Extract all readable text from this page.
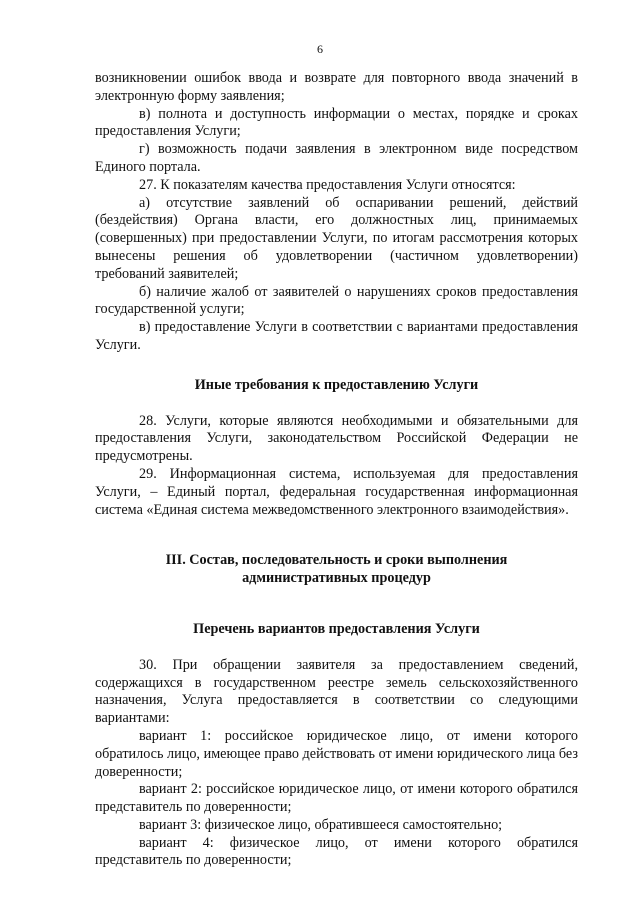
6

возникновении ошибок ввода и возврате для повторного ввода значений в электронную форму заявления;

в) полнота и доступность информации о местах, порядке и сроках предоставления Услуги;

г) возможность подачи заявления в электронном виде посредством Единого портала.

27. К показателям качества предоставления Услуги относятся:

а) отсутствие заявлений об оспаривании решений, действий (бездействия) Органа власти, его должностных лиц, принимаемых (совершенных) при предоставлении Услуги, по итогам рассмотрения которых вынесены решения об удовлетворении (частичном удовлетворении) требований заявителей;

б) наличие жалоб от заявителей о нарушениях сроков предоставления государственной услуги;

в) предоставление Услуги в соответствии с вариантами предоставления Услуги.

Иные требования к предоставлению Услуги

28. Услуги, которые являются необходимыми и обязательными для предоставления Услуги, законодательством Российской Федерации не предусмотрены.

29. Информационная система, используемая для предоставления Услуги, – Единый портал, федеральная государственная информационная система «Единая система межведомственного электронного взаимодействия».

III. Состав, последовательность и сроки выполнения
административных процедур
Перечень вариантов предоставления Услуги

30. При обращении заявителя за предоставлением сведений, содержащихся в государственном реестре земель сельскохозяйственного назначения, Услуга предоставляется в соответствии со следующими вариантами:

вариант 1: российское юридическое лицо, от имени которого обратилось лицо, имеющее право действовать от имени юридического лица без доверенности;

вариант 2: российское юридическое лицо, от имени которого обратился представитель по доверенности;

вариант 3: физическое лицо, обратившееся самостоятельно;

вариант 4: физическое лицо, от имени которого обратился представитель по доверенности;
